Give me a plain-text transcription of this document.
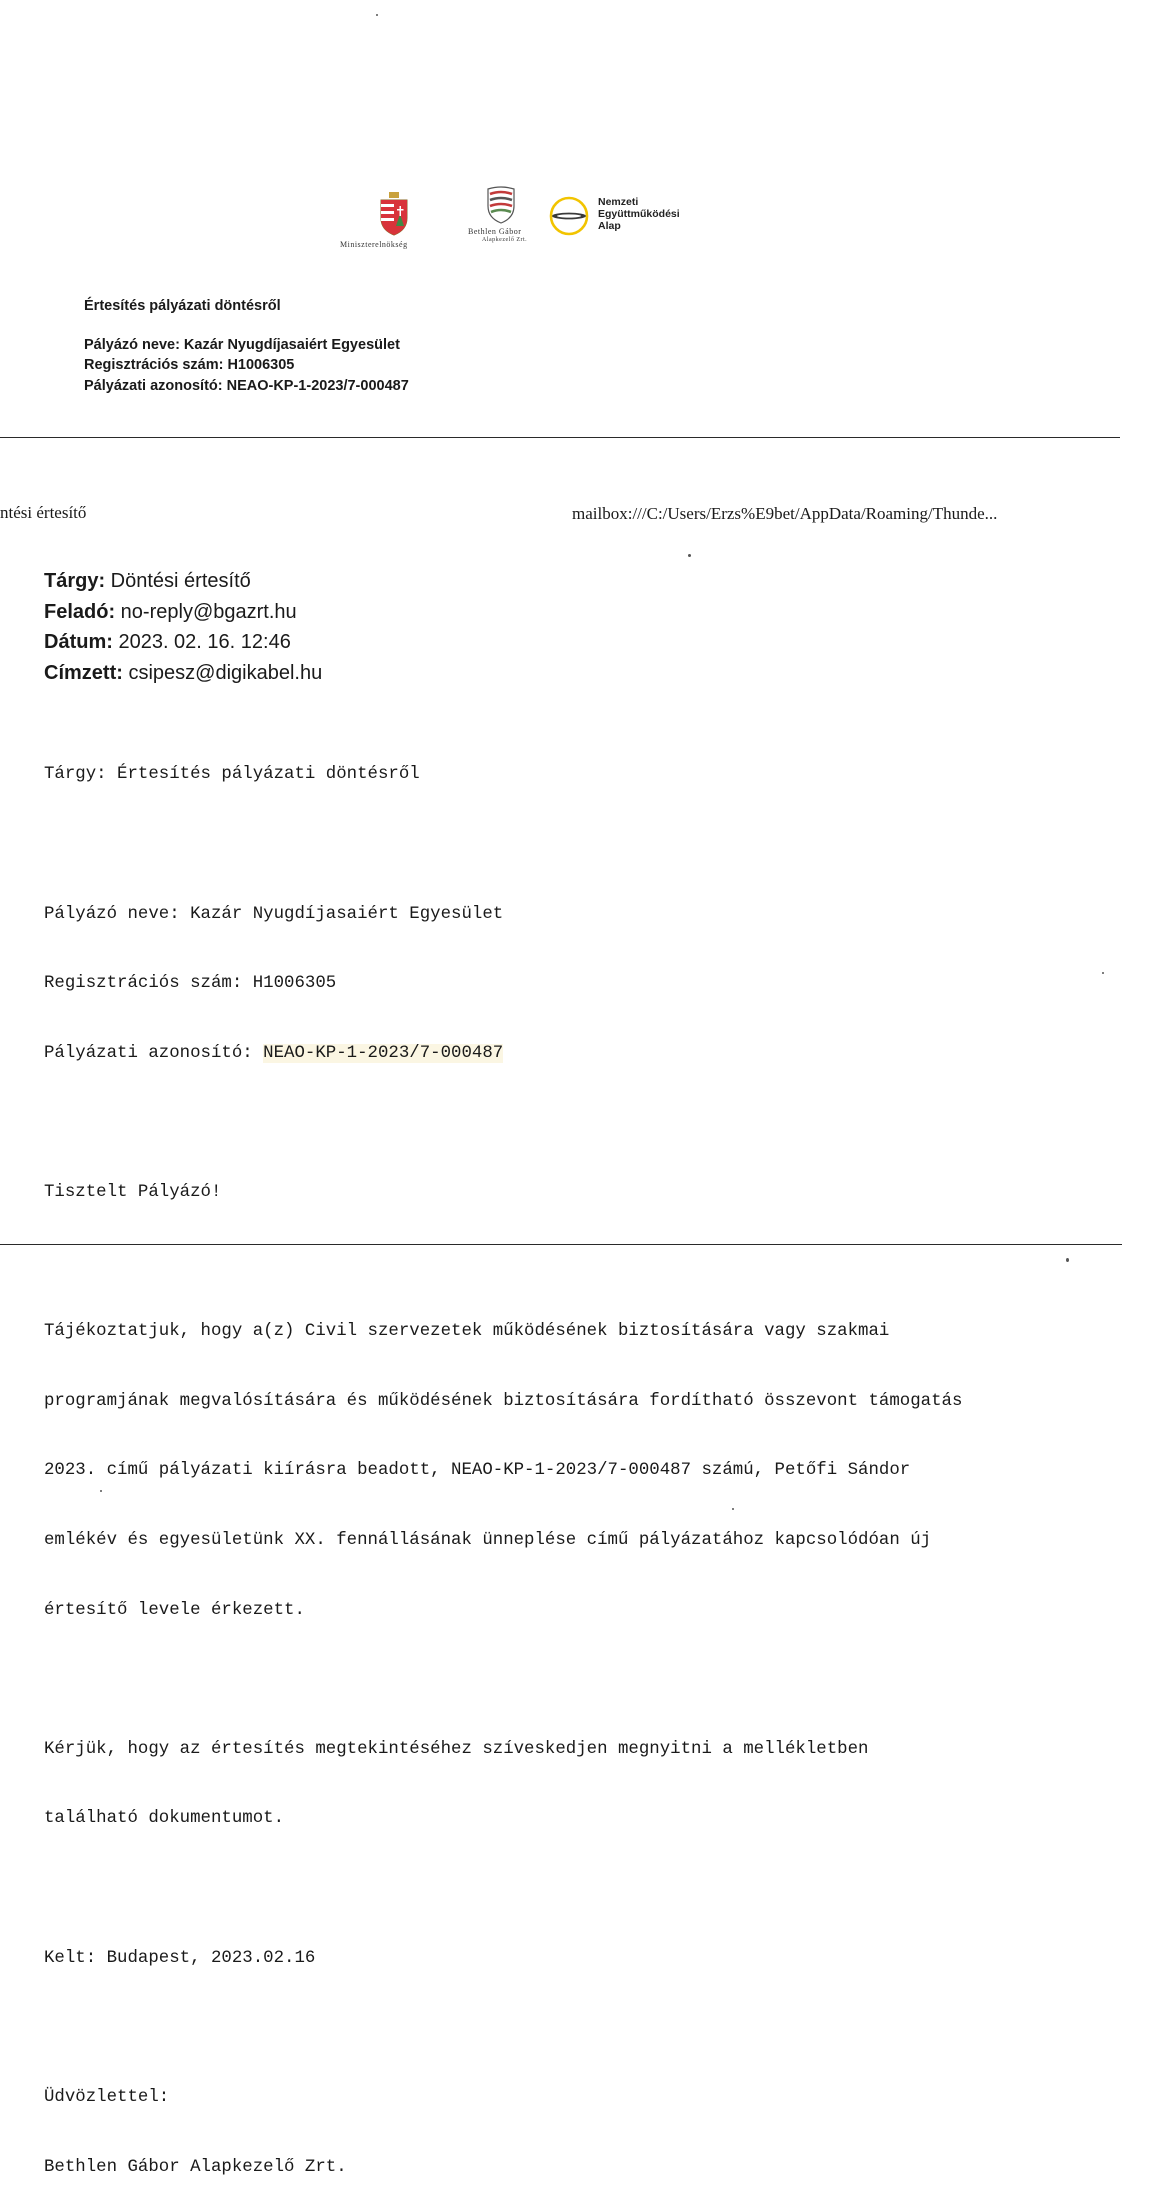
Miniszterelnökség
Bethlen Gábor
Alapkezelő Zrt.
Nemzeti
Együttműködési
Alap
Értesítés pályázati döntésről
Pályázó neve: Kazár Nyugdíjasaiért Egyesület
Regisztrációs szám: H1006305
Pályázati azonosító: NEAO-KP-1-2023/7-000487
ntési értesítő	mailbox:///C:/Users/Erzs%E9bet/AppData/Roaming/Thunde...
Tárgy: Döntési értesítő
Feladó: no-reply@bgazrt.hu
Dátum: 2023. 02. 16. 12:46
Címzett: csipesz@digikabel.hu

Tárgy: Értesítés pályázati döntésről

Pályázó neve: Kazár Nyugdíjasaiért Egyesület

Regisztrációs szám: H1006305

Pályázati azonosító: NEAO-KP-1-2023/7-000487

Tisztelt Pályázó!

Tájékoztatjuk, hogy a(z) Civil szervezetek működésének biztosítására vagy szakmai

programjának megvalósítására és működésének biztosítására fordítható összevont támogatás

2023. című pályázati kiírásra beadott, NEAO-KP-1-2023/7-000487 számú, Petőfi Sándor

emlékév és egyesületünk XX. fennállásának ünneplése című pályázatához kapcsolódóan új

értesítő levele érkezett.

Kérjük, hogy az értesítés megtekintéséhez szíveskedjen megnyitni a mellékletben

található dokumentumot.

Kelt: Budapest, 2023.02.16

Üdvözlettel:

Bethlen Gábor Alapkezelő Zrt.
